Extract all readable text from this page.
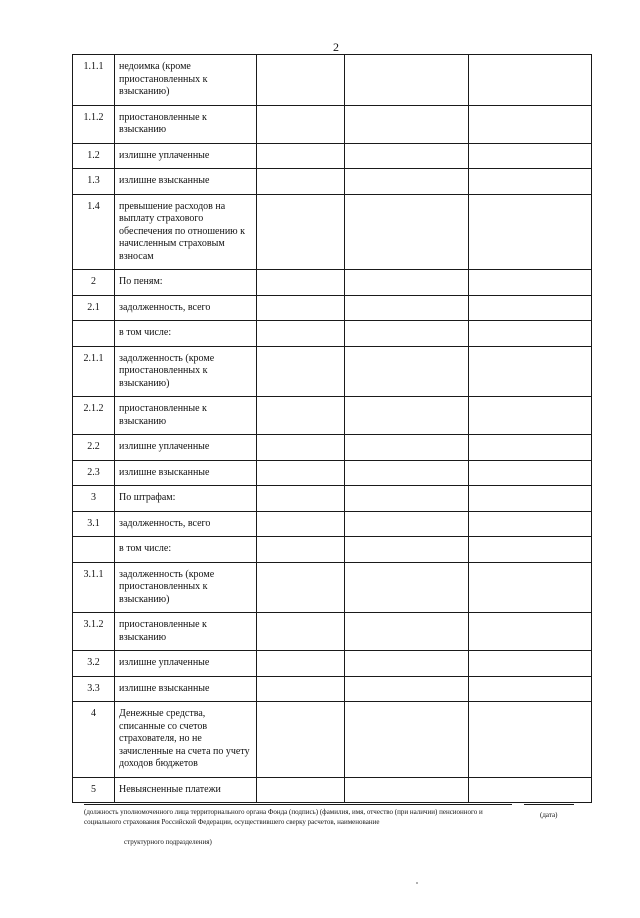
2
1.1.1	недоимка (кроме приостановленных к взысканию)			
1.1.2	приостановленные к взысканию			
1.2	излишне уплаченные			
1.3	излишне взысканные			
1.4	превышение расходов на выплату страхового обеспечения по отношению к начисленным страховым взносам			
2	По пеням:			
2.1	задолженность, всего			
	в том числе:			
2.1.1	задолженность (кроме приостановленных к взысканию)			
2.1.2	приостановленные к взысканию			
2.2	излишне уплаченные			
2.3	излишне взысканные			
3	По штрафам:			
3.1	задолженность, всего			
	в том числе:			
3.1.1	задолженность (кроме приостановленных к взысканию)			
3.1.2	приостановленные к взысканию			
3.2	излишне уплаченные			
3.3	излишне взысканные			
4	Денежные средства, списанные со счетов страхователя, но не зачисленные на счета по учету доходов бюджетов			
5	Невыясненные платежи			
(должность уполномоченного лица территориального органа Фонда (подпись) (фамилия, имя, отчество (при наличии) пенсионного и социального страхования Российской Федерации, осуществившего сверку расчетов, наименование
(дата)
структурного подразделения)
